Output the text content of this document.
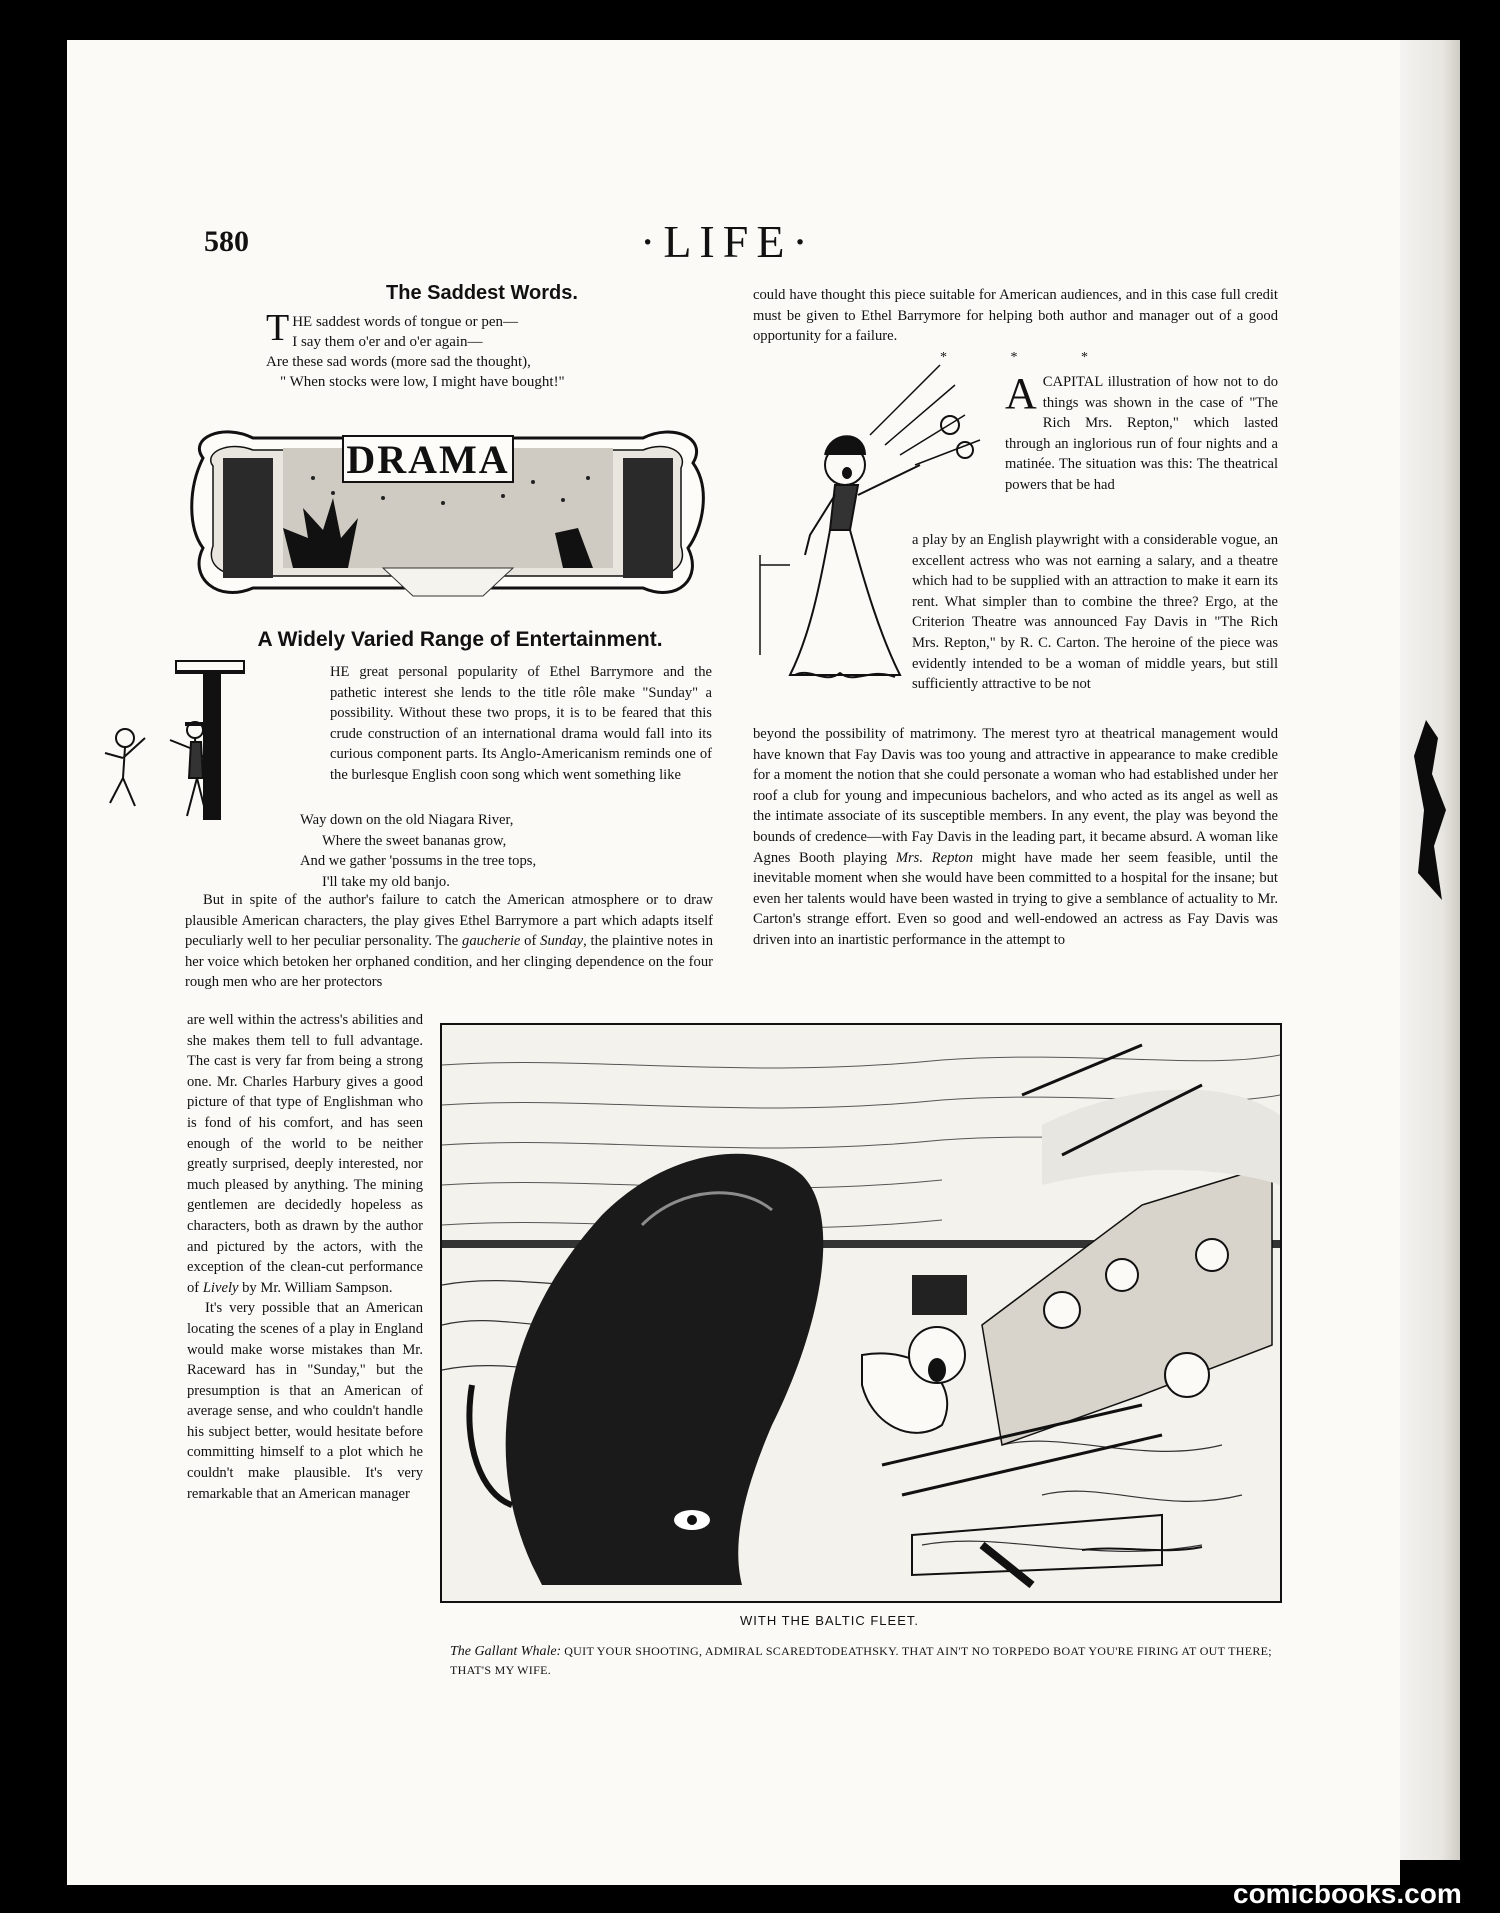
580	·LIFE·
The Saddest Words.
T HE saddest words of tongue or pen—
I say them o'er and o'er again—
Are these sad words (more sad the thought),
" When stocks were low, I might have bought!"
DRAMA
A Widely Varied Range of Entertainment.

HE great personal popularity of Ethel Barrymore and the pathetic interest she lends to the title rôle make "Sunday" a possibility. Without these two props, it is to be feared that this crude construction of an international drama would fall into its curious component parts. Its Anglo-Americanism reminds one of the burlesque English coon song which went something like

Way down on the old Niagara River,
Where the sweet bananas grow,
And we gather 'possums in the tree tops,
I'll take my old banjo.

But in spite of the author's failure to catch the American atmosphere or to draw plausible American characters, the play gives Ethel Barrymore a part which adapts itself peculiarly well to her peculiar personality. The gaucherie of Sunday, the plaintive notes in her voice which betoken her orphaned condition, and her clinging dependence on the four rough men who are her protectors

are well within the actress's abilities and she makes them tell to full advantage. The cast is very far from being a strong one. Mr. Charles Harbury gives a good picture of that type of Englishman who is fond of his comfort, and has seen enough of the world to be neither greatly surprised, deeply interested, nor much pleased by anything. The mining gentlemen are decidedly hopeless as characters, both as drawn by the author and pictured by the actors, with the exception of the clean-cut performance of Lively by Mr. William Sampson.

It's very possible that an American locating the scenes of a play in England would make worse mistakes than Mr. Raceward has in "Sunday," but the presumption is that an American of average sense, and who couldn't handle his subject better, would hesitate before committing himself to a plot which he couldn't make plausible. It's very remarkable that an American manager

could have thought this piece suitable for American audiences, and in this case full credit must be given to Ethel Barrymore for helping both author and manager out of a good opportunity for a failure.

* * *

ACAPITAL illustration of how not to do things was shown in the case of "The Rich Mrs. Repton," which lasted through an inglorious run of four nights and a matinée. The situation was this: The theatrical powers that be had

a play by an English playwright with a considerable vogue, an excellent actress who was not earning a salary, and a theatre which had to be supplied with an attraction to make it earn its rent. What simpler than to combine the three? Ergo, at the Criterion Theatre was announced Fay Davis in "The Rich Mrs. Repton," by R. C. Carton. The heroine of the piece was evidently intended to be a woman of middle years, but still sufficiently attractive to be not

beyond the possibility of matrimony. The merest tyro at theatrical management would have known that Fay Davis was too young and attractive in appearance to make credible for a moment the notion that she could personate a woman who had established under her roof a club for young and impecunious bachelors, and who acted as its angel as well as the intimate associate of its susceptible members. In any event, the play was beyond the bounds of credence—with Fay Davis in the leading part, it became absurd. A woman like Agnes Booth playing Mrs. Repton might have made her seem feasible, until the inevitable moment when she would have been committed to a hospital for the insane; but even her talents would have been wasted in trying to give a semblance of actuality to Mr. Carton's strange effort. Even so good and well-endowed an actress as Fay Davis was driven into an inartistic performance in the attempt to

WITH THE BALTIC FLEET.
The Gallant Whale: QUIT YOUR SHOOTING, ADMIRAL SCAREDTODEATHSKY. THAT AIN'T NO TORPEDO BOAT YOU'RE FIRING AT OUT THERE; THAT'S MY WIFE.
comicbooks.com
